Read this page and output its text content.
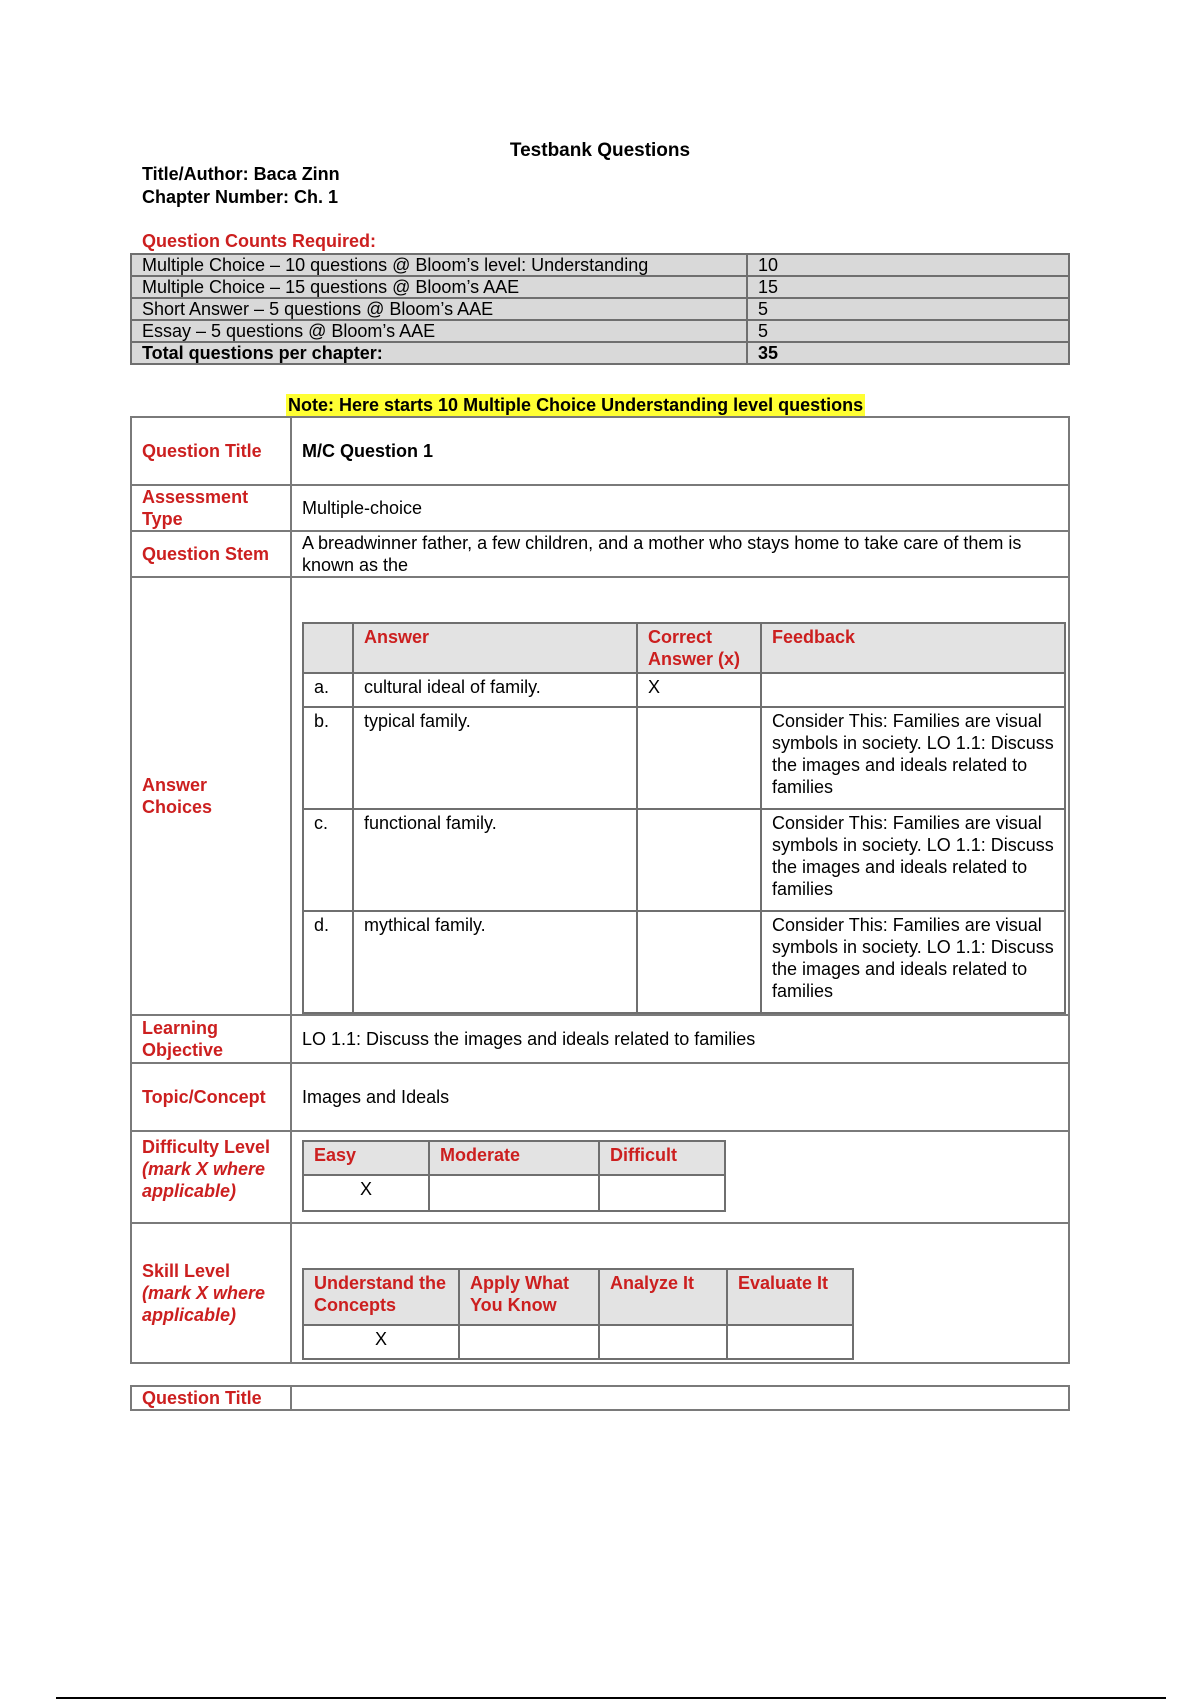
Testbank Questions
Title/Author: Baca Zinn
Chapter Number: Ch. 1
Question Counts Required:
Multiple Choice – 10 questions @ Bloom’s level: Understanding	10
Multiple Choice – 15 questions @ Bloom’s AAE	15
Short Answer – 5 questions @ Bloom’s AAE	5
Essay – 5 questions @ Bloom’s AAE	5
Total questions per chapter:	35
Note: Here starts 10 Multiple Choice Understanding level questions
Question Title	M/C Question 1
Assessment Type	Multiple-choice
Question Stem	A breadwinner father, a few children, and a mother who stays home to take care of them is known as the
Answer Choices	
	Answer	Correct Answer (x)	Feedback
a.	cultural ideal of family.	X	
b.	typical family.		Consider This: Families are visual symbols in society. LO 1.1: Discuss the images and ideals related to families
c.	functional family.		Consider This: Families are visual symbols in society. LO 1.1: Discuss the images and ideals related to families
d.	mythical family.		Consider This: Families are visual symbols in society. LO 1.1: Discuss the images and ideals related to families

Learning Objective	LO 1.1: Discuss the images and ideals related to families
Topic/Concept	Images and Ideals

Difficulty Level
(mark X where applicable)

Easy	Moderate	Difficult
X		

Skill Level
(mark X where applicable)

Understand the Concepts	Apply What You Know	Analyze It	Evaluate It
X			
Question Title	
